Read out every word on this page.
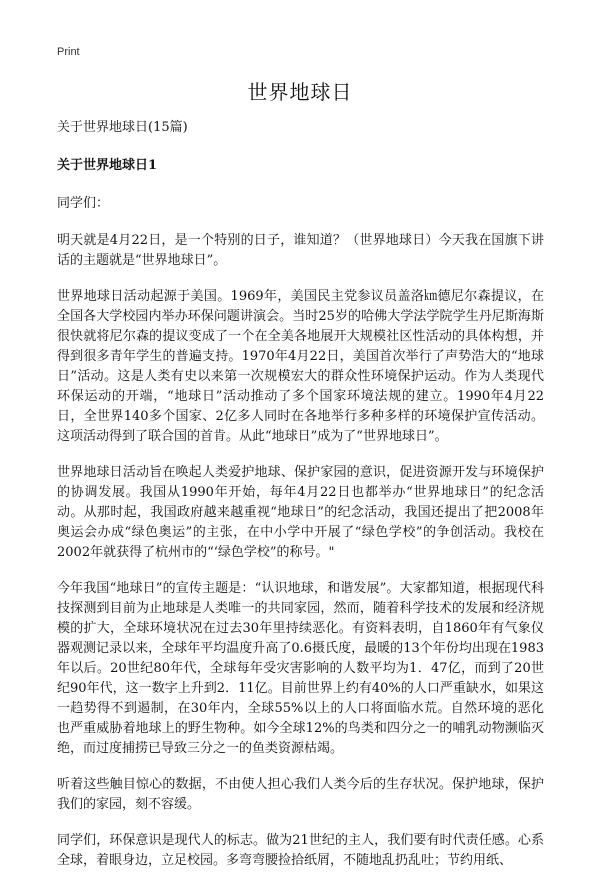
Print
世界地球日

关于世界地球日(15篇)

关于世界地球日1

同学们：

明天就是4月22日，是一个特别的日子，谁知道？（世界地球日）今天我在国旗下讲话的主题就是“世界地球日”。

世界地球日活动起源于美国。1969年，美国民主党参议员盖洛㎞德尼尔森提议，在全国各大学校园内举办环保问题讲演会。当时25岁的哈佛大学法学院学生丹尼斯海斯很快就将尼尔森的提议变成了一个在全美各地展开大规模社区性活动的具体构想，并得到很多青年学生的普遍支持。1970年4月22日，美国首次举行了声势浩大的“地球日”活动。这是人类有史以来第一次规模宏大的群众性环境保护运动。作为人类现代环保运动的开端，“地球日”活动推动了多个国家环境法规的建立。1990年4月22日，全世界140多个国家、2亿多人同时在各地举行多种多样的环境保护宣传活动。这项活动得到了联合国的首肯。从此“地球日”成为了“世界地球日”。

世界地球日活动旨在唤起人类爱护地球、保护家园的意识，促进资源开发与环境保护的协调发展。我国从1990年开始，每年4月22日也都举办“世界地球日”的纪念活动。从那时起，我国政府越来越重视“地球日”的纪念活动，我国还提出了把2008年奥运会办成“绿色奥运”的主张，在中小学中开展了“绿色学校”的争创活动。我校在2002年就获得了杭州市的“‘绿色学校”的称号。"

今年我国“地球日”的宣传主题是：“认识地球，和谐发展”。大家都知道，根据现代科技探测到目前为止地球是人类唯一的共同家园，然而，随着科学技术的发展和经济规模的扩大，全球环境状况在过去30年里持续恶化。有资料表明，自1860年有气象仪器观测记录以来，全球年平均温度升高了0.6摄氏度，最暖的13个年份均出现在1983年以后。20世纪80年代，全球每年受灾害影响的人数平均为1．47亿，而到了20世纪90年代，这一数字上升到2．11亿。目前世界上约有40%的人口严重缺水，如果这一趋势得不到遏制，在30年内，全球55%以上的人口将面临水荒。自然环境的恶化也严重威胁着地球上的野生物种。如今全球12%的鸟类和四分之一的哺乳动物濒临灭绝，而过度捕捞已导致三分之一的鱼类资源枯竭。

听着这些触目惊心的数据，不由使人担心我们人类今后的生存状况。保护地球，保护我们的家园，刻不容缓。

同学们，环保意识是现代人的标志。做为21世纪的主人，我们要有时代责任感。心系全球，着眼身边，立足校园。多弯弯腰捡拾纸屑，不随地乱扔乱吐；节约用纸、
